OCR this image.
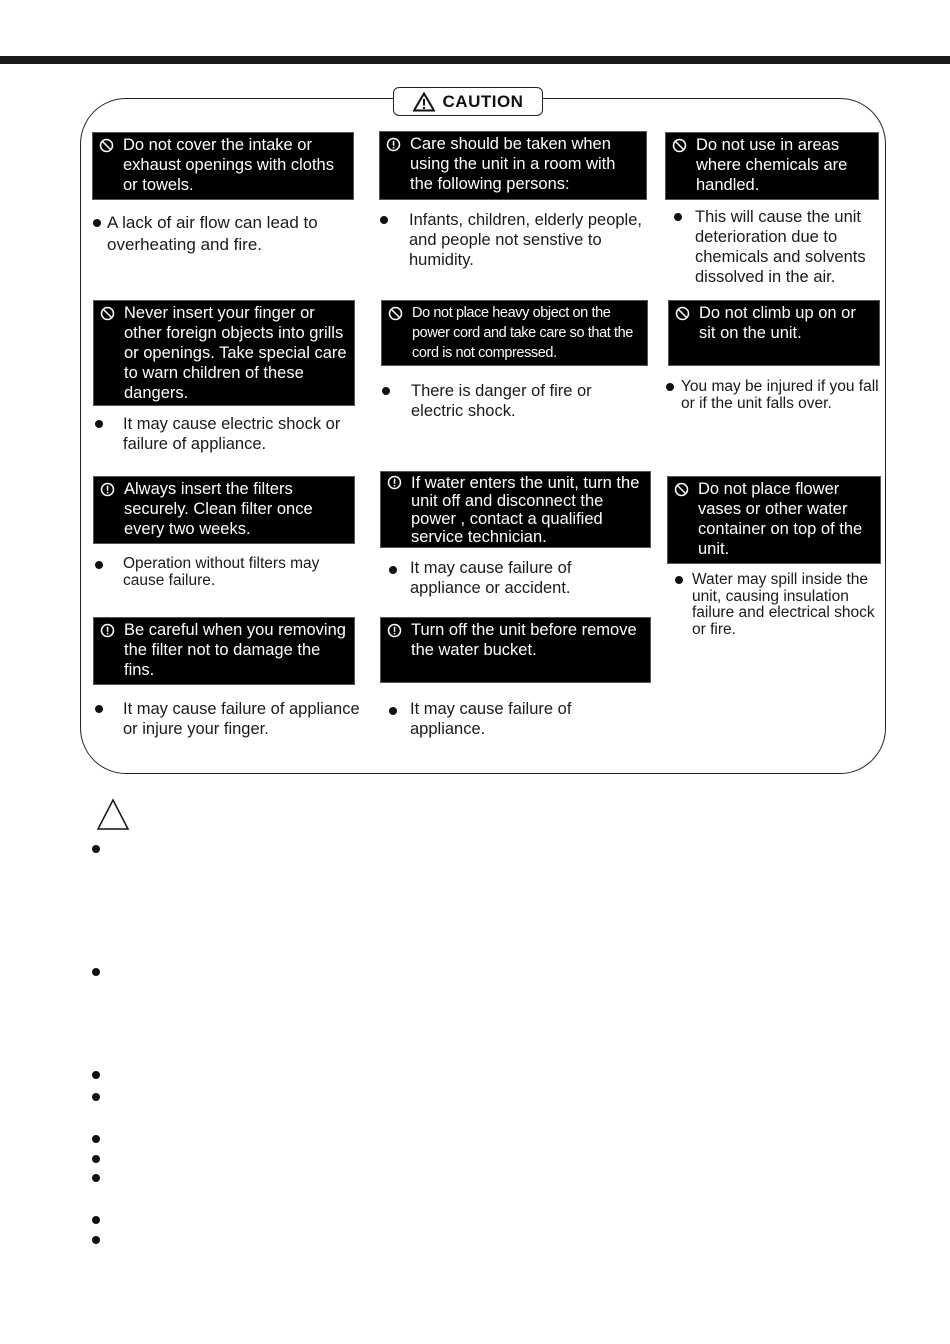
CAUTION
Do not cover the intake or exhaust openings with cloths or towels.
A lack of air flow can lead to overheating and fire.
Care should be taken when using the unit in a room with the following persons:
Infants, children, elderly people, and people not senstive to humidity.
Do not use in areas where chemicals are handled.
This will cause the unit deterioration due to chemicals and solvents dissolved in the air.
Never insert your finger or other foreign objects into grills or openings. Take special care to warn children of these dangers.
It may cause electric shock or failure of appliance.
Do not place heavy object on the power cord and take care so that the cord is not compressed.
There is danger of fire or electric shock.
Do not climb up on or sit on the unit.
You may be injured if you fall or if the unit falls over.
Always insert the filters securely. Clean filter once every two weeks.
Operation without filters may cause failure.
If water enters the unit, turn the unit off and disconnect the power , contact a qualified service technician.
It may cause failure of appliance or accident.
Do not place flower vases or other water container on top of the unit.
Water may spill inside the unit, causing insulation failure and electrical shock or fire.
Be careful when you removing the filter not to damage the fins.
It may cause failure of appliance or injure your finger.
Turn off the unit before remove the water bucket.
It may cause failure of appliance.
